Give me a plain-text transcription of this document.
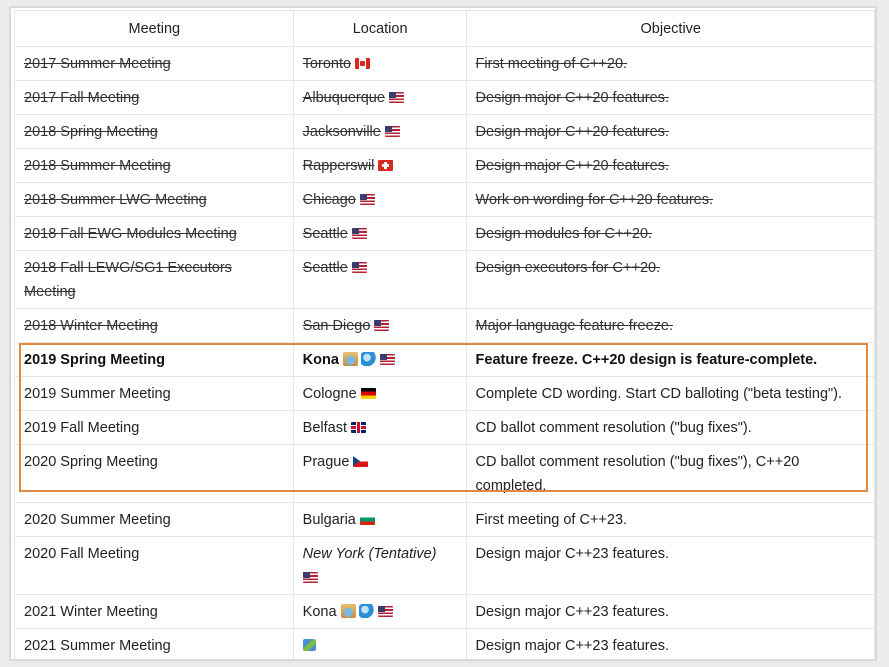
Meeting	Location	Objective
2017 Summer Meeting	Toronto	First meeting of C++20.
2017 Fall Meeting	Albuquerque	Design major C++20 features.
2018 Spring Meeting	Jacksonville	Design major C++20 features.
2018 Summer Meeting	Rapperswil	Design major C++20 features.
2018 Summer LWG Meeting	Chicago	Work on wording for C++20 features.
2018 Fall EWG Modules Meeting	Seattle	Design modules for C++20.
2018 Fall LEWG/SG1 Executors Meeting	Seattle	Design executors for C++20.
2018 Winter Meeting	San Diego	Major language feature freeze.
2019 Spring Meeting	Kona	Feature freeze. C++20 design is feature-complete.
2019 Summer Meeting	Cologne	Complete CD wording. Start CD balloting ("beta testing").
2019 Fall Meeting	Belfast	CD ballot comment resolution ("bug fixes").
2020 Spring Meeting	Prague	CD ballot comment resolution ("bug fixes"), C++20 completed.
2020 Summer Meeting	Bulgaria	First meeting of C++23.
2020 Fall Meeting	New York (Tentative)	Design major C++23 features.
2021 Winter Meeting	Kona	Design major C++23 features.
2021 Summer Meeting		Design major C++23 features.
